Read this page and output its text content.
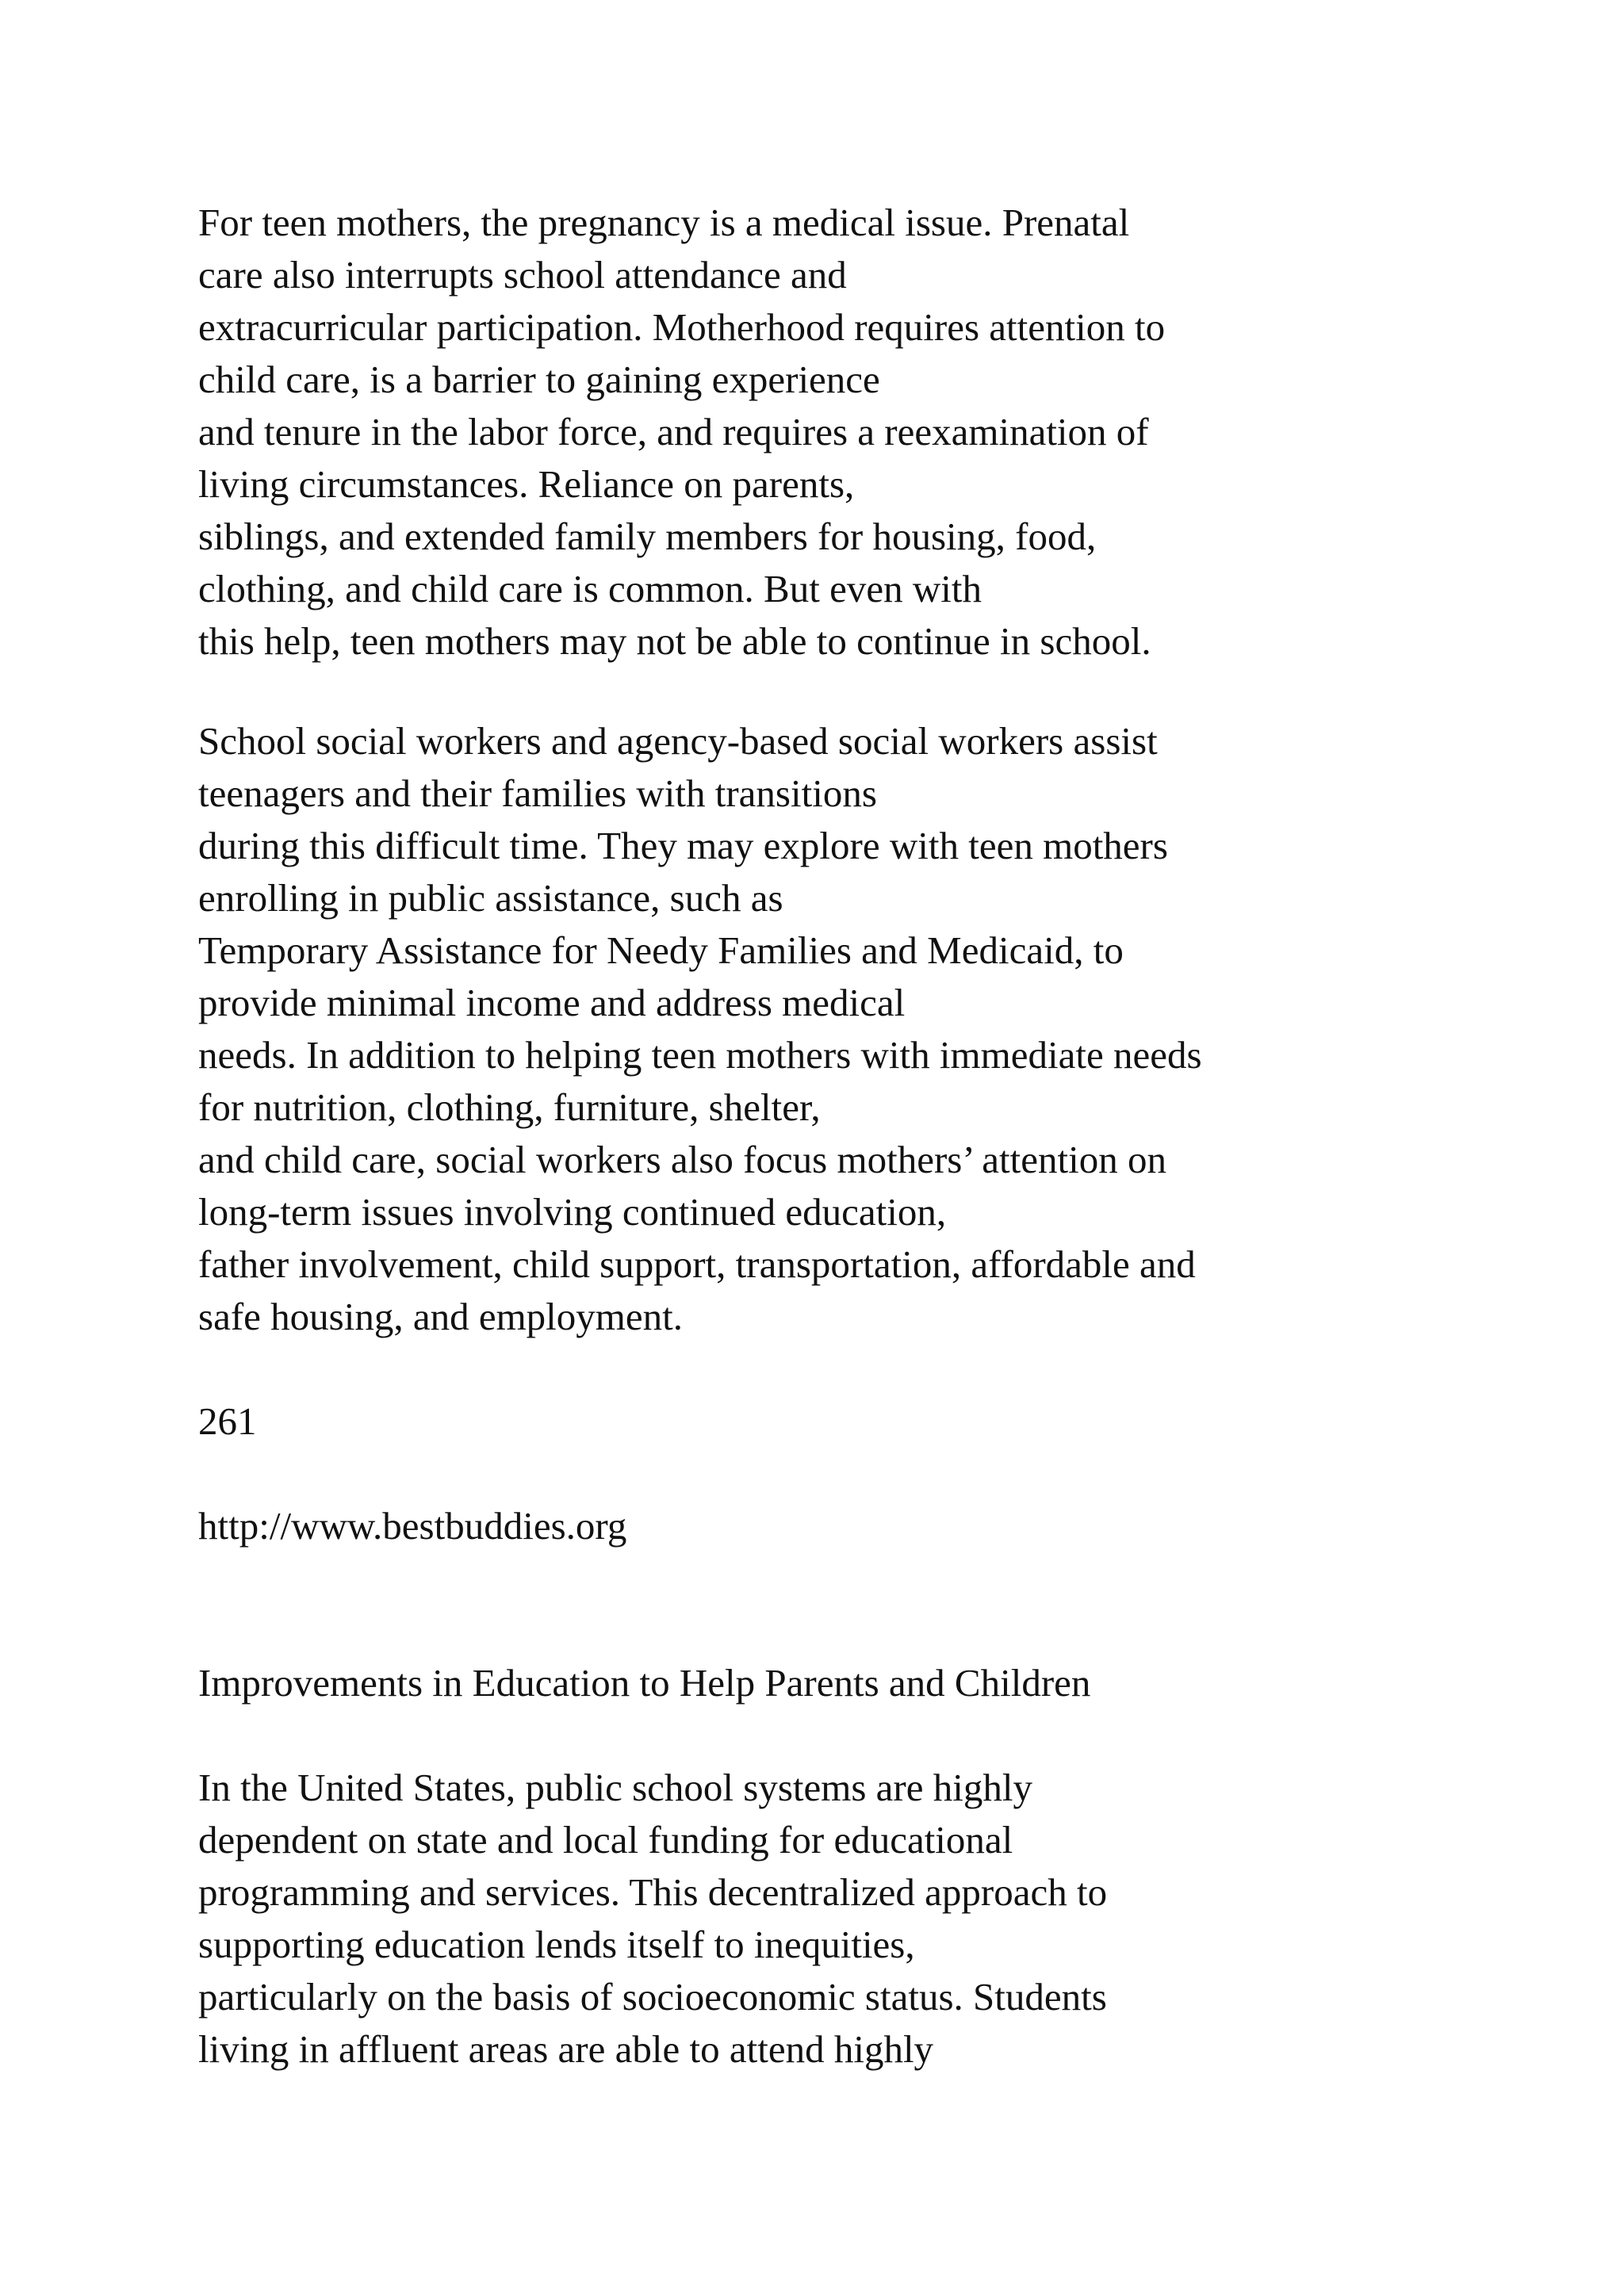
For teen mothers, the pregnancy is a medical issue. Prenatal
care also interrupts school attendance and
extracurricular participation. Motherhood requires attention to
child care, is a barrier to gaining experience
and tenure in the labor force, and requires a reexamination of
living circumstances. Reliance on parents,
siblings, and extended family members for housing, food,
clothing, and child care is common. But even with
this help, teen mothers may not be able to continue in school.
School social workers and agency-based social workers assist
teenagers and their families with transitions
during this difficult time. They may explore with teen mothers
enrolling in public assistance, such as
Temporary Assistance for Needy Families and Medicaid, to
provide minimal income and address medical
needs. In addition to helping teen mothers with immediate needs
for nutrition, clothing, furniture, shelter,
and child care, social workers also focus mothers’ attention on
long-term issues involving continued education,
father involvement, child support, transportation, affordable and
safe housing, and employment.
261
http://www.bestbuddies.org
Improvements in Education to Help Parents and Children
In the United States, public school systems are highly
dependent on state and local funding for educational
programming and services. This decentralized approach to
supporting education lends itself to inequities,
particularly on the basis of socioeconomic status. Students
living in affluent areas are able to attend highly
